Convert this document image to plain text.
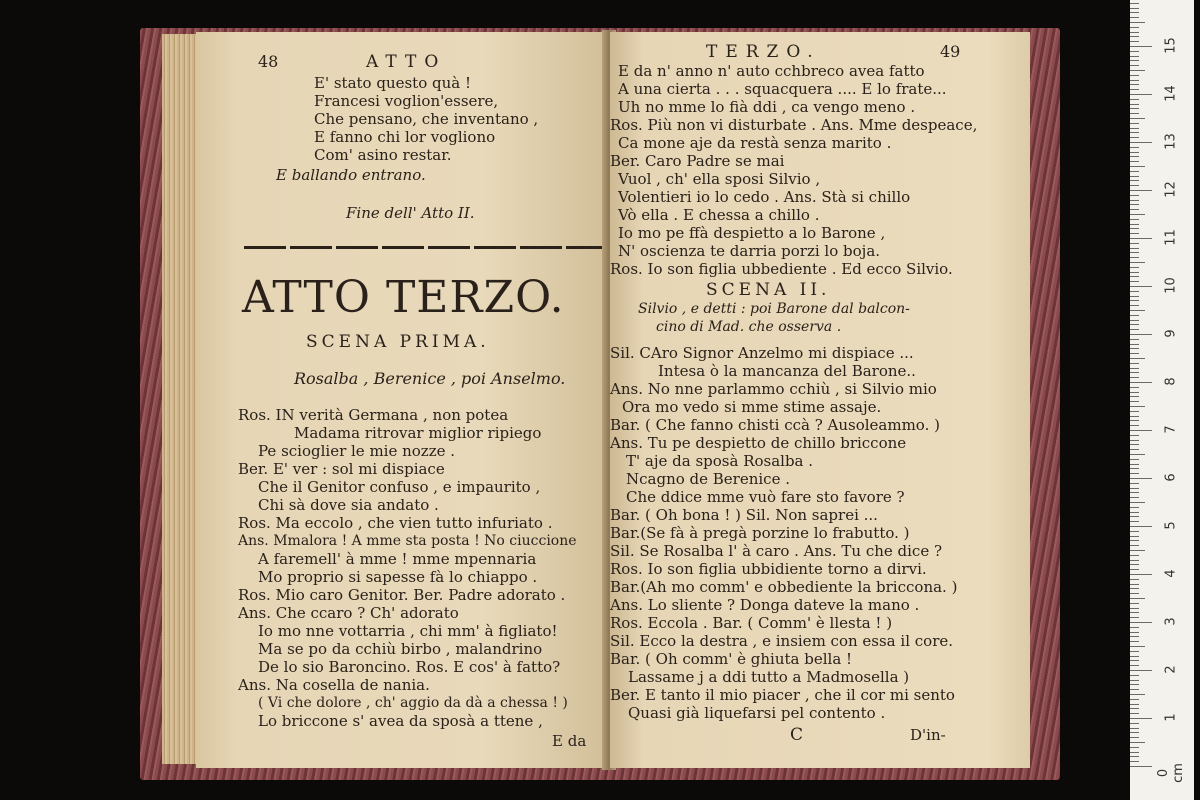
48	ATTO
E' stato questo quà !
Francesi voglion'essere,
Che pensano, che inventano ,
E fanno chi lor vogliono
Com' asino restar.
E ballando entrano.
Fine dell' Atto II.
ATTO TERZO.
SCENA PRIMA.
Rosalba , Berenice , poi Anselmo.
Ros. IN verità Germana , non potea
Madama ritrovar miglior ripiego
Pe scioglier le mie nozze .
Ber. E' ver : sol mi dispiace
Che il Genitor confuso , e impaurito ,
Chi sà dove sia andato .
Ros. Ma eccolo , che vien tutto infuriato .
Ans. Mmalora ! A mme sta posta ! No ciuccione
A faremell' à mme ! mme mpennaria
Mo proprio si sapesse fà lo chiappo .
Ros. Mio caro Genitor. Ber. Padre adorato .
Ans. Che ccaro ? Ch' adorato
Io mo nne vottarria , chi mm' à figliato!
Ma se po da cchiù birbo , malandrino
De lo sio Baroncino. Ros. E cos' à fatto?
Ans. Na cosella de nania.
( Vi che dolore , ch' aggio da dà a chessa ! )
Lo briccone s' avea da sposà a ttene ,
E da
TERZO.	49
E da n' anno n' auto cchbreco avea fatto
A una cierta . . . squacquera .... E lo frate...
Uh no mme lo fià ddi , ca vengo meno .
Ros. Più non vi disturbate . Ans. Mme despeace,
Ca mone aje da restà senza marito .
Ber. Caro Padre se mai
Vuol , ch' ella sposi Silvio ,
Volentieri io lo cedo . Ans. Stà si chillo
Vò ella . E chessa a chillo .
Io mo pe ffà despietto a lo Barone ,
N' oscienza te darria porzi lo boja.
Ros. Io son figlia ubbediente . Ed ecco Silvio.
SCENA II.
Silvio , e detti : poi Barone dal balcon-
cino di Mad. che osserva .
Sil. CAro Signor Anzelmo mi dispiace ...
Intesa ò la mancanza del Barone..
Ans. No nne parlammo cchiù , si Silvio mio
Ora mo vedo si mme stime assaje.
Bar. ( Che fanno chisti ccà ? Ausoleammo. )
Ans. Tu pe despietto de chillo briccone
T' aje da sposà Rosalba .
Ncagno de Berenice .
Che ddice mme vuò fare sto favore ?
Bar. ( Oh bona ! ) Sil. Non saprei ...
Bar.(Se fà à pregà porzine lo frabutto. )
Sil. Se Rosalba l' à caro . Ans. Tu che dice ?
Ros. Io son figlia ubbidiente torno a dirvi.
Bar.(Ah mo comm' e obbediente la briccona. )
Ans. Lo sliente ? Donga dateve la mano .
Ros. Eccola . Bar. ( Comm' è llesta ! )
Sil. Ecco la destra , e insiem con essa il core.
Bar. ( Oh comm' è ghiuta bella !
Lassame j a ddi tutto a Madmosella )
Ber. E tanto il mio piacer , che il cor mi sento
Quasi già liquefarsi pel contento .
C	D'in-
0 cm
1
2
3
4
5
6
7
8
9
10
11
12
13
14
15
